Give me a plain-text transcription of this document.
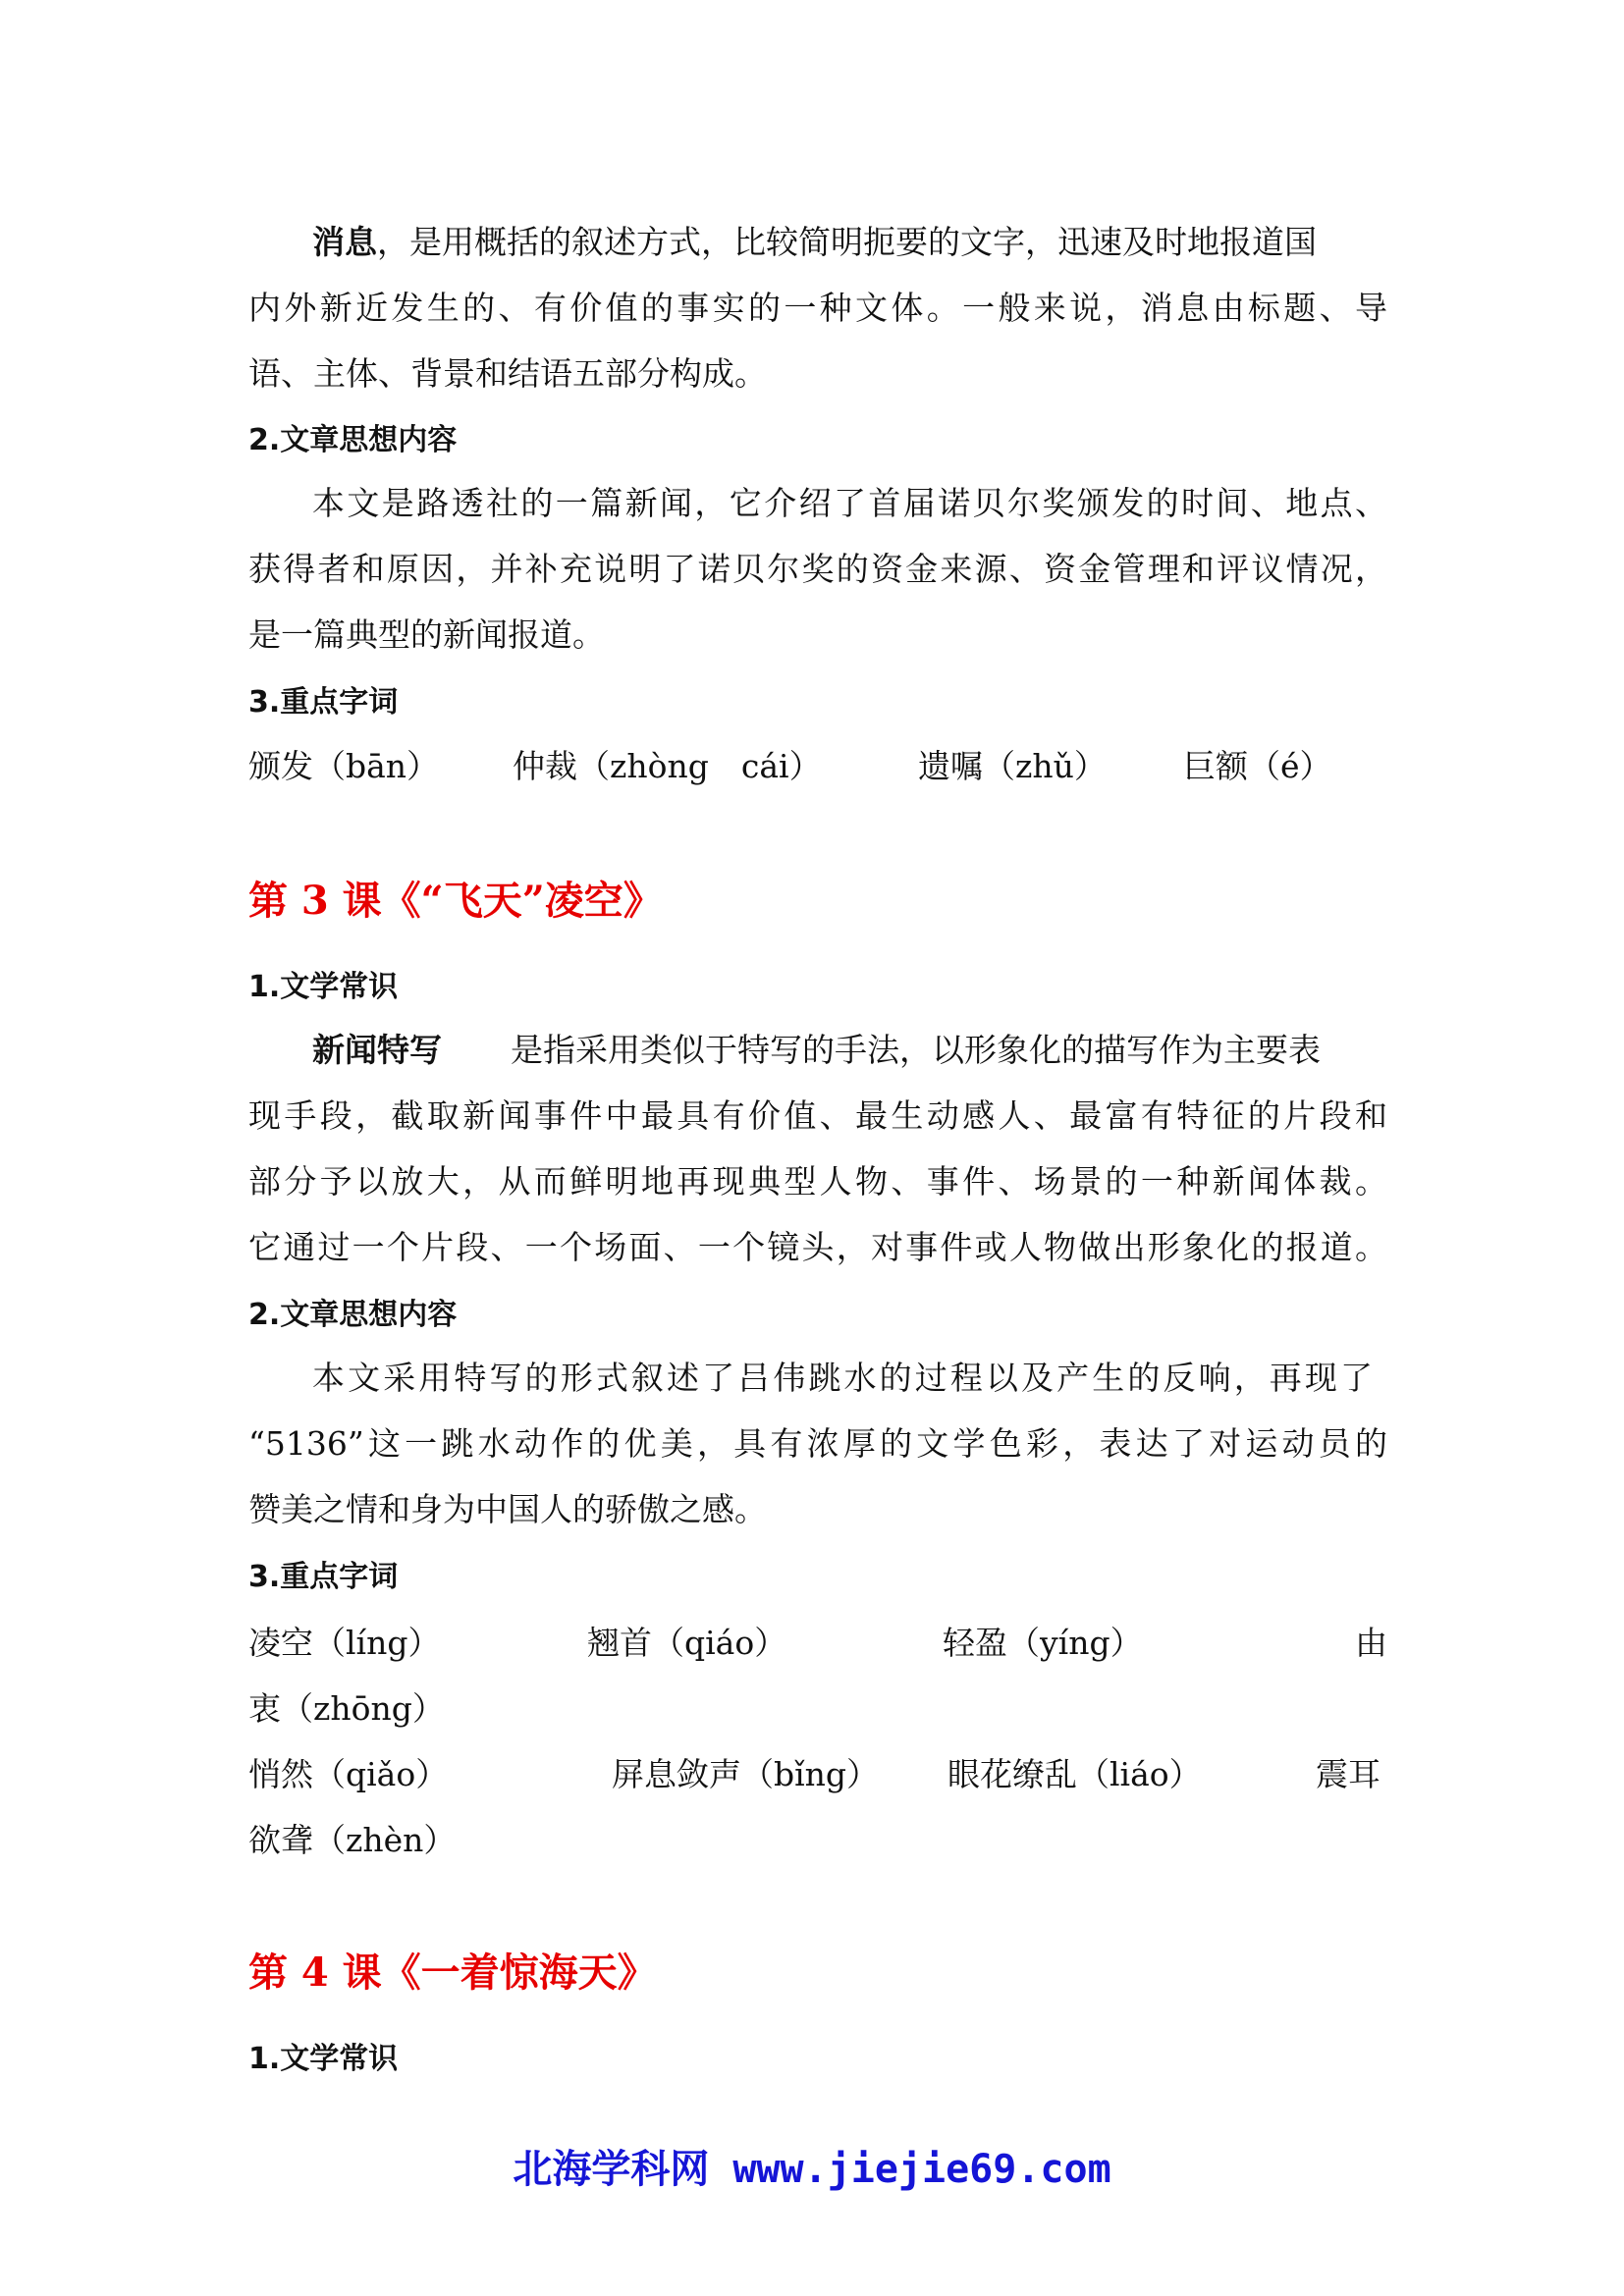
消息，是用概括的叙述方式，比较简明扼要的文字，迅速及时地报道国
内外新近发生的、有价值的事实的一种文体。一般来说，消息由标题、导
语、主体、背景和结语五部分构成。
2.文章思想内容
本文是路透社的一篇新闻，它介绍了首届诺贝尔奖颁发的时间、地点、
获得者和原因，并补充说明了诺贝尔奖的资金来源、资金管理和评议情况，
是一篇典型的新闻报道。
3.重点字词
颁发（bān） 仲裁（zhòng　cái）	遗嘱（zhǔ） 巨额（é）
第 3 课《“飞天”凌空》
1.文学常识
新闻特写 是指采用类似于特写的手法，以形象化的描写作为主要表
现手段，截取新闻事件中最具有价值、最生动感人、最富有特征的片段和
部分予以放大，从而鲜明地再现典型人物、事件、场景的一种新闻体裁。
它通过一个片段、一个场面、一个镜头，对事件或人物做出形象化的报道。
2.文章思想内容
本文采用特写的形式叙述了吕伟跳水的过程以及产生的反响，再现了
“5136”这一跳水动作的优美，具有浓厚的文学色彩，表达了对运动员的
赞美之情和身为中国人的骄傲之感。
3.重点字词
凌空（líng）	翘首（qiáo）	轻盈（yíng）	由
衷（zhōng）
悄然（qiǎo）	屏息敛声（bǐng） 眼花缭乱（liáo）	震耳
欲聋（zhèn）
第 4 课《一着惊海天》
1.文学常识
北海学科网 www.jiejie69.com
